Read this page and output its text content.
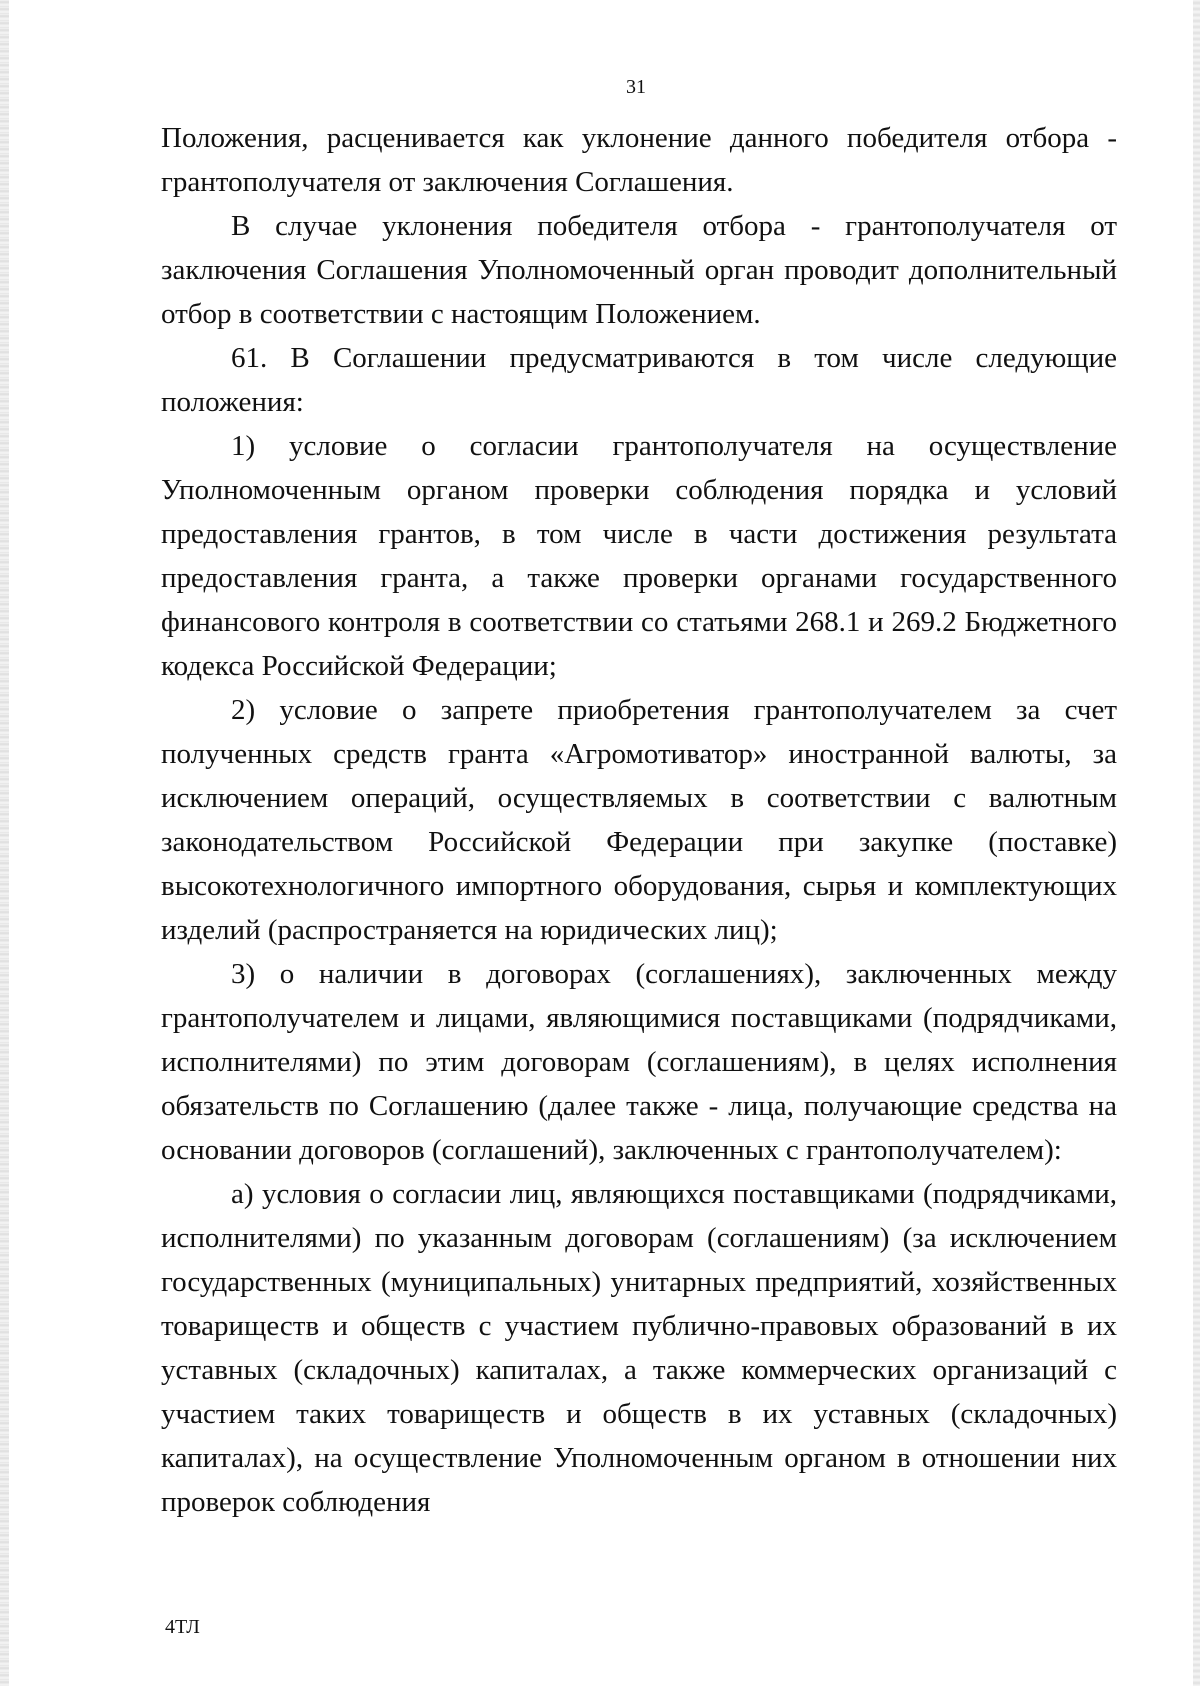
31

Положения, расценивается как уклонение данного победителя отбора - грантополучателя от заключения Соглашения.

В случае уклонения победителя отбора - грантополучателя от заключения Соглашения Уполномоченный орган проводит дополнительный отбор в соответствии с настоящим Положением.

61. В Соглашении предусматриваются в том числе следующие положения:

1) условие о согласии грантополучателя на осуществление Уполномоченным органом проверки соблюдения порядка и условий предоставления грантов, в том числе в части достижения результата предоставления гранта, а также проверки органами государственного финансового контроля в соответствии со статьями 268.1 и 269.2 Бюджетного кодекса Российской Федерации;

2) условие о запрете приобретения грантополучателем за счет полученных средств гранта «Агромотиватор» иностранной валюты, за исключением операций, осуществляемых в соответствии с валютным законодательством Российской Федерации при закупке (поставке) высокотехнологичного импортного оборудования, сырья и комплектующих изделий (распространяется на юридических лиц);

3) о наличии в договорах (соглашениях), заключенных между грантополучателем и лицами, являющимися поставщиками (подрядчиками, исполнителями) по этим договорам (соглашениям), в целях исполнения обязательств по Соглашению (далее также - лица, получающие средства на основании договоров (соглашений), заключенных с грантополучателем):

а) условия о согласии лиц, являющихся поставщиками (подрядчиками, исполнителями) по указанным договорам (соглашениям) (за исключением государственных (муниципальных) унитарных предприятий, хозяйственных товариществ и обществ с участием публично-правовых образований в их уставных (складочных) капиталах, а также коммерческих организаций с участием таких товариществ и обществ в их уставных (складочных) капиталах), на осуществление Уполномоченным органом в отношении них проверок соблюдения

4ТЛ
